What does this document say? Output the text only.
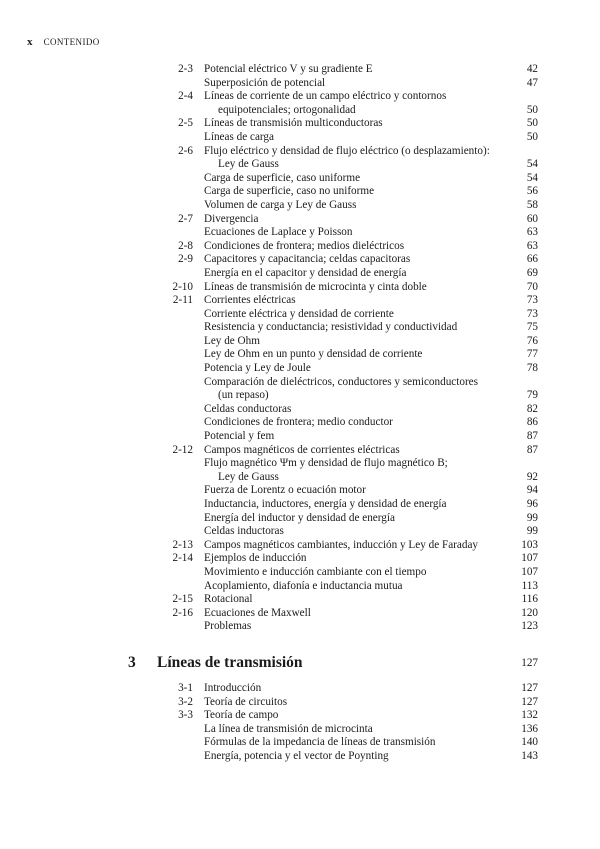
x CONTENIDO
2-3 Potencial eléctrico V y su gradiente E	42
Superposición de potencial	47
2-4 Líneas de corriente de un campo eléctrico y contornos
equipotenciales; ortogonalidad	50
2-5 Líneas de transmisión multiconductoras	50
Líneas de carga	50
2-6 Flujo eléctrico y densidad de flujo eléctrico (o desplazamiento):
Ley de Gauss	54
Carga de superficie, caso uniforme	54
Carga de superficie, caso no uniforme	56
Volumen de carga y Ley de Gauss	58
2-7 Divergencia	60
Ecuaciones de Laplace y Poisson	63
2-8 Condiciones de frontera; medios dieléctricos	63
2-9 Capacitores y capacitancia; celdas capacitoras	66
Energía en el capacitor y densidad de energía	69
2-10 Líneas de transmisión de microcinta y cinta doble	70
2-11 Corrientes eléctricas	73
Corriente eléctrica y densidad de corriente	73
Resistencia y conductancia; resistividad y conductividad	75
Ley de Ohm	76
Ley de Ohm en un punto y densidad de corriente	77
Potencia y Ley de Joule	78
Comparación de dieléctricos, conductores y semiconductores
(un repaso)	79
Celdas conductoras	82
Condiciones de frontera; medio conductor	86
Potencial y fem	87
2-12 Campos magnéticos de corrientes eléctricas	87
Flujo magnético Ψm y densidad de flujo magnético B;
Ley de Gauss	92
Fuerza de Lorentz o ecuación motor	94
Inductancia, inductores, energía y densidad de energía	96
Energía del inductor y densidad de energía	99
Celdas inductoras	99
2-13 Campos magnéticos cambiantes, inducción y Ley de Faraday	103
2-14 Ejemplos de inducción	107
Movimiento e inducción cambiante con el tiempo	107
Acoplamiento, diafonía e inductancia mutua	113
2-15 Rotacional	116
2-16 Ecuaciones de Maxwell	120
Problemas	123
3 Líneas de transmisión	127
3-1 Introducción	127
3-2 Teoría de circuitos	127
3-3 Teoría de campo	132
La línea de transmisión de microcinta	136
Fórmulas de la impedancia de líneas de transmisión	140
Energía, potencia y el vector de Poynting	143
